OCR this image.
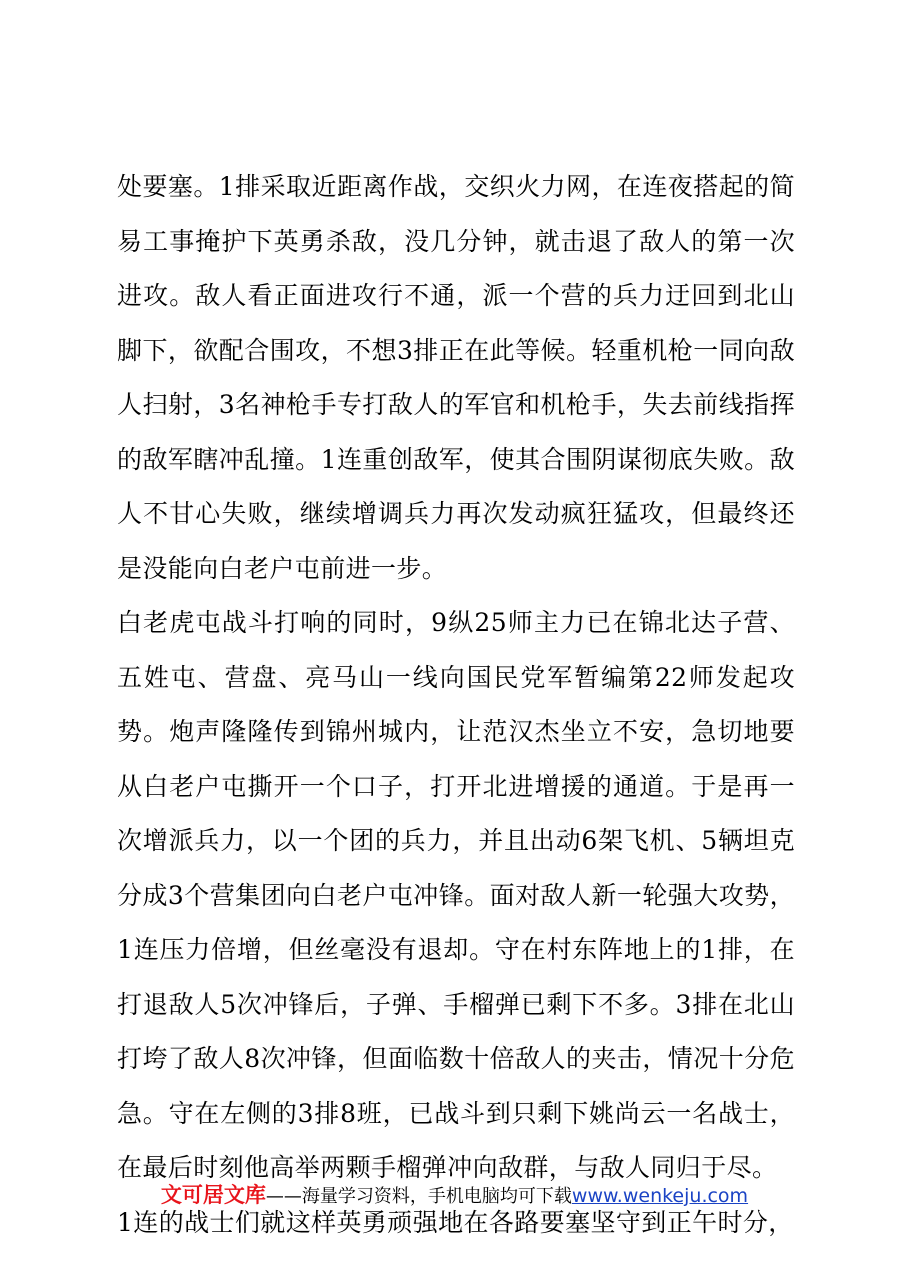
处要塞。1排采取近距离作战，交织火力网，在连夜搭起的简易工事掩护下英勇杀敌，没几分钟，就击退了敌人的第一次进攻。敌人看正面进攻行不通，派一个营的兵力迂回到北山脚下，欲配合围攻，不想3排正在此等候。轻重机枪一同向敌人扫射，3名神枪手专打敌人的军官和机枪手，失去前线指挥的敌军瞎冲乱撞。1连重创敌军，使其合围阴谋彻底失败。敌人不甘心失败，继续增调兵力再次发动疯狂猛攻，但最终还是没能向白老户屯前进一步。

白老虎屯战斗打响的同时，9纵25师主力已在锦北达子营、五姓屯、营盘、亮马山一线向国民党军暂编第22师发起攻势。炮声隆隆传到锦州城内，让范汉杰坐立不安，急切地要从白老户屯撕开一个口子，打开北进增援的通道。于是再一次增派兵力，以一个团的兵力，并且出动6架飞机、5辆坦克分成3个营集团向白老户屯冲锋。面对敌人新一轮强大攻势，1连压力倍增，但丝毫没有退却。守在村东阵地上的1排，在打退敌人5次冲锋后，子弹、手榴弹已剩下不多。3排在北山打垮了敌人8次冲锋，但面临数十倍敌人的夹击，情况十分危急。守在左侧的3排8班，已战斗到只剩下姚尚云一名战士，在最后时刻他高举两颗手榴弹冲向敌群，与敌人同归于尽。

1连的战士们就这样英勇顽强地在各路要塞坚守到正午时分，

文可居文库——海量学习资料，手机电脑均可下载www.wenkeju.com
